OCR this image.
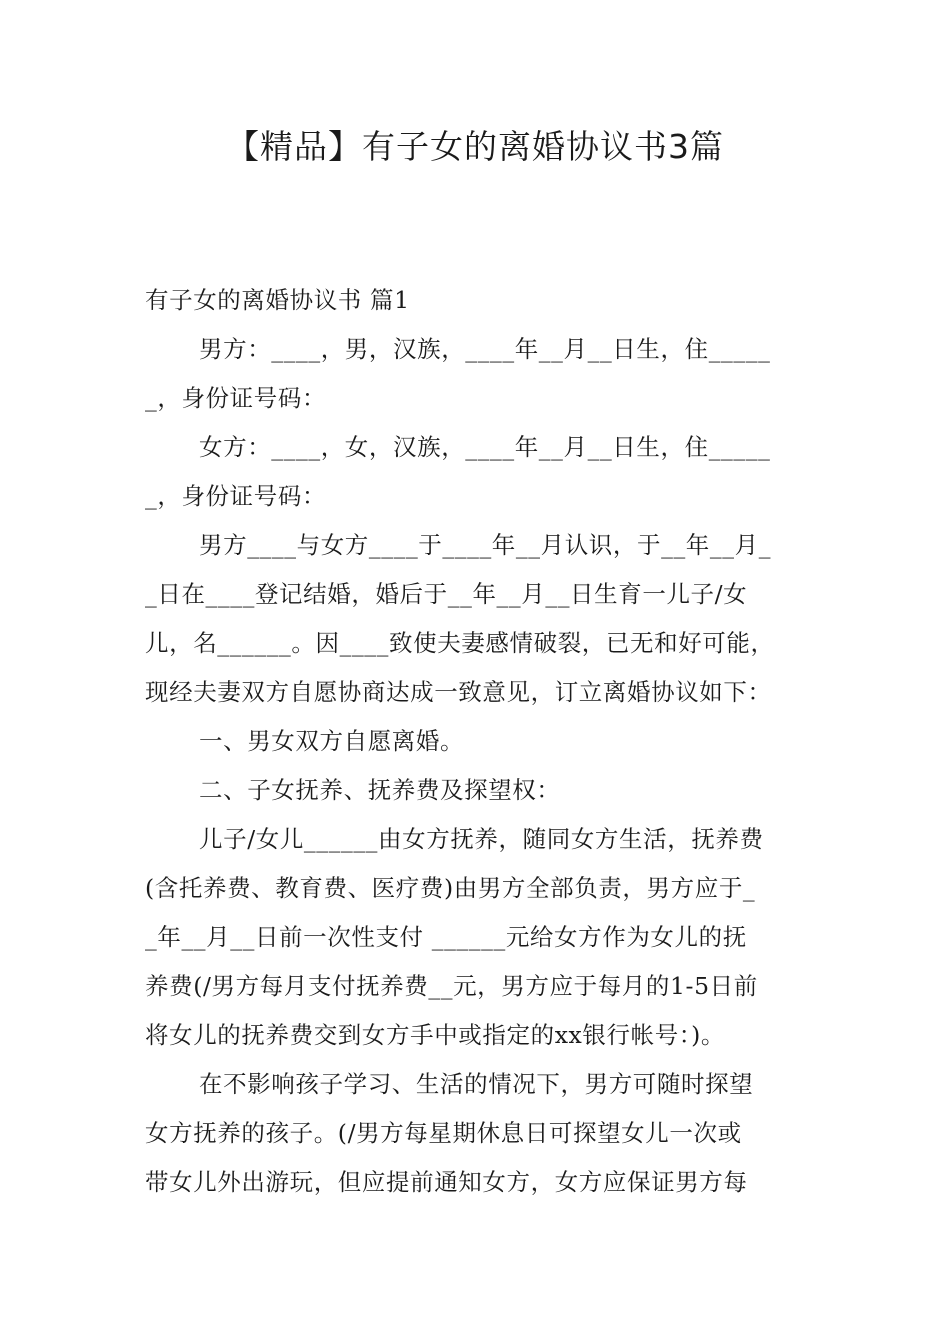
【精品】有子女的离婚协议书3篇
有子女的离婚协议书 篇1
男方：____，男，汉族，____年__月__日生，住_____
_，身份证号码：
女方：____，女，汉族，____年__月__日生，住_____
_，身份证号码：
男方____与女方____于____年__月认识，于__年__月_
_日在____登记结婚，婚后于__年__月__日生育一儿子/女
儿，名______。因____致使夫妻感情破裂，已无和好可能，
现经夫妻双方自愿协商达成一致意见，订立离婚协议如下：
一、男女双方自愿离婚。
二、子女抚养、抚养费及探望权：
儿子/女儿______由女方抚养，随同女方生活，抚养费
(含托养费、教育费、医疗费)由男方全部负责，男方应于_
_年__月__日前一次性支付 ______元给女方作为女儿的抚
养费(/男方每月支付抚养费__元，男方应于每月的1-5日前
将女儿的抚养费交到女方手中或指定的xx银行帐号：)。
在不影响孩子学习、生活的情况下，男方可随时探望
女方抚养的孩子。(/男方每星期休息日可探望女儿一次或
带女儿外出游玩，但应提前通知女方，女方应保证男方每
